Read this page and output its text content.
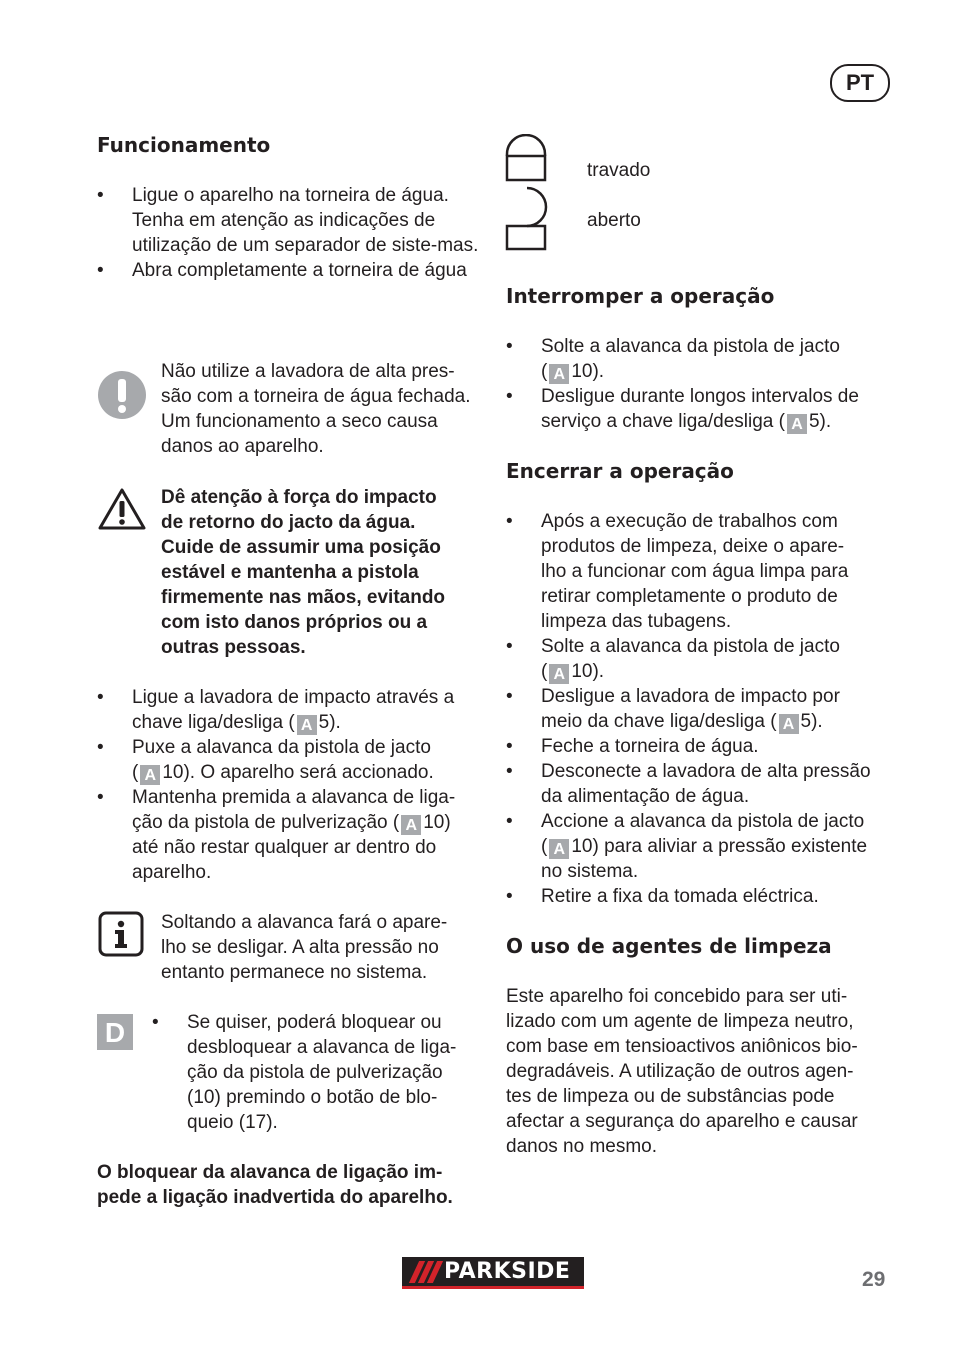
PT
Funcionamento
•	Ligue o aparelho na torneira de água. Tenha em atenção as indicações de utilização de um separador de siste-mas.
•	Abra completamente a torneira de água
Não utilize a lavadora de alta pres-
são com a torneira de água fechada.
Um funcionamento a seco causa
danos ao aparelho.
Dê atenção à força do impacto
de retorno do jacto da água.
Cuide de assumir uma posição
estável e mantenha a pistola
firmemente nas mãos, evitando
com isto danos próprios ou a
outras pessoas.
•	Ligue a lavadora de impacto através a
chave liga/desliga ( A 5).
•	Puxe a alavanca da pistola de jacto
( A 10). O aparelho será accionado.
•	Mantenha premida a alavanca de liga-
ção da pistola de pulverização ( A 10)
até não restar qualquer ar dentro do
aparelho.
Soltando a alavanca fará o apare-
lho se desligar. A alta pressão no
entanto permanece no sistema.
D	•	Se quiser, poderá bloquear ou
desbloquear a alavanca de liga-
ção da pistola de pulverização
(10) premindo o botão de blo-
queio (17).
O bloquear da alavanca de ligação im-
pede a ligação inadvertida do aparelho.
travado
aberto
Interromper a operação
•	Solte a alavanca da pistola de jacto
( A 10).
•	Desligue durante longos intervalos de
serviço a chave liga/desliga ( A 5).
Encerrar a operação
•	Após a execução de trabalhos com
produtos de limpeza, deixe o apare-
lho a funcionar com água limpa para
retirar completamente o produto de
limpeza das tubagens.
•	Solte a alavanca da pistola de jacto
( A 10).
•	Desligue a lavadora de impacto por
meio da chave liga/desliga ( A 5).
•	Feche a torneira de água.
•	Desconecte a lavadora de alta pressão
da alimentação de água.
•	Accione a alavanca da pistola de jacto
( A 10) para aliviar a pressão existente
no sistema.
•	Retire a fixa da tomada eléctrica.
O uso de agentes de limpeza
Este aparelho foi concebido para ser uti-
lizado com um agente de limpeza neutro,
com base em tensioactivos aniônicos bio-
degradáveis. A utilização de outros agen-
tes de limpeza ou de substâncias pode
afectar a segurança do aparelho e causar
danos no mesmo.
PARKSIDE	29
